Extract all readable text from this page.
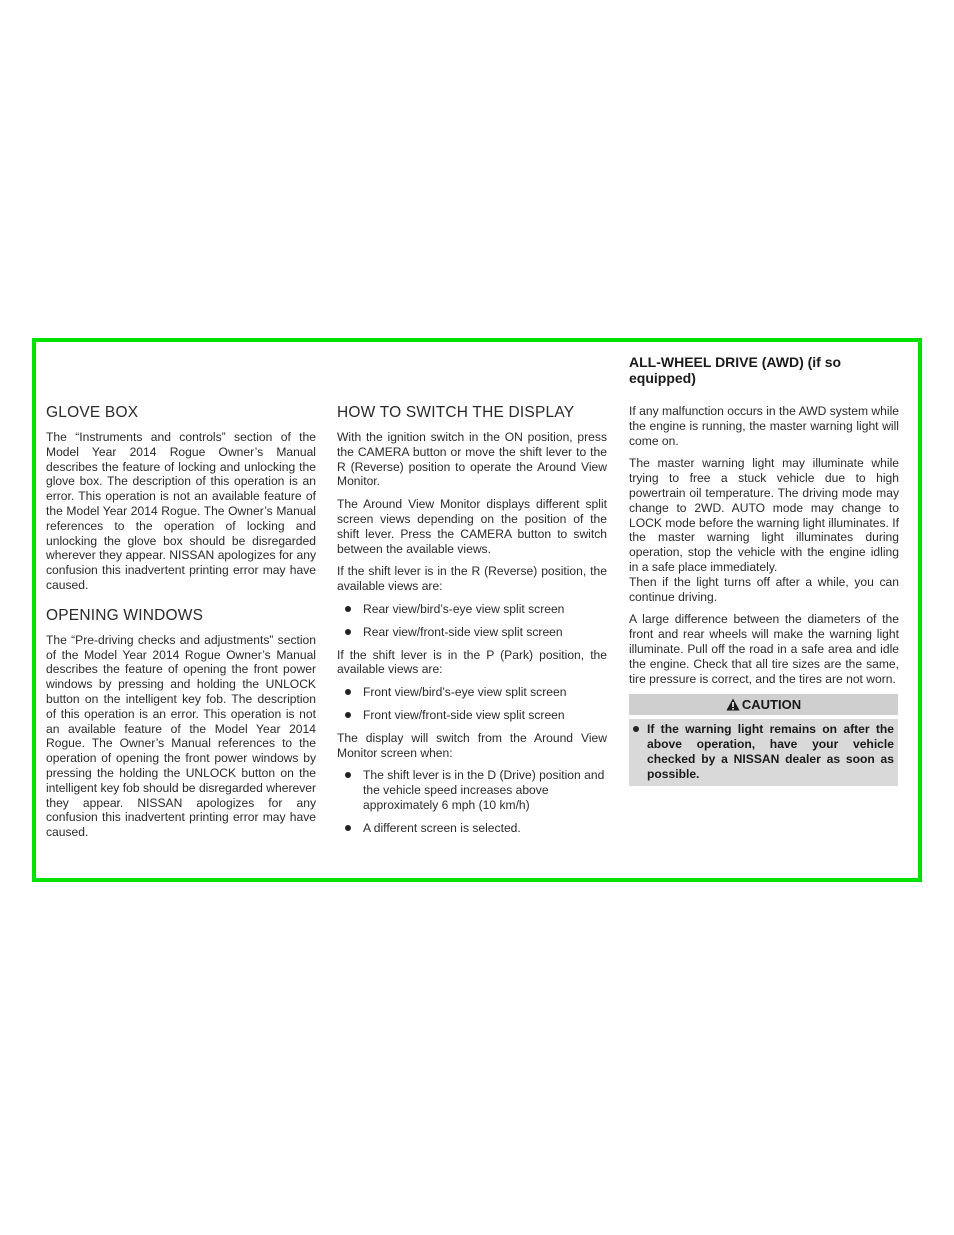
GLOVE BOX

The “Instruments and controls” section of the Model Year 2014 Rogue Owner’s Manual describes the feature of locking and unlocking the glove box. The description of this operation is an error. This operation is not an available feature of the Model Year 2014 Rogue. The Owner’s Manual references to the operation of locking and unlocking the glove box should be disregarded wherever they appear. NISSAN apologizes for any confusion this inadvertent printing error may have caused.

OPENING WINDOWS

The “Pre-driving checks and adjustments” section of the Model Year 2014 Rogue Owner’s Manual describes the feature of opening the front power windows by pressing and holding the UNLOCK button on the intelligent key fob. The description of this operation is an error. This operation is not an available feature of the Model Year 2014 Rogue. The Owner’s Manual references to the operation of opening the front power windows by pressing the holding the UNLOCK button on the intelligent key fob should be disregarded wherever they appear. NISSAN apologizes for any confusion this inadvertent printing error may have caused.

HOW TO SWITCH THE DISPLAY

With the ignition switch in the ON position, press the CAMERA button or move the shift lever to the R (Reverse) position to operate the Around View Monitor.

The Around View Monitor displays different split screen views depending on the position of the shift lever. Press the CAMERA button to switch between the available views.

If the shift lever is in the R (Reverse) position, the available views are:

Rear view/bird’s-eye view split screen
Rear view/front-side view split screen

If the shift lever is in the P (Park) position, the available views are:

Front view/bird’s-eye view split screen
Front view/front-side view split screen

The display will switch from the Around View Monitor screen when:

The shift lever is in the D (Drive) position and the vehicle speed increases above approximately 6 mph (10 km/h)
A different screen is selected.
ALL-WHEEL DRIVE (AWD) (if so equipped)

If any malfunction occurs in the AWD system while the engine is running, the master warning light will come on.

The master warning light may illuminate while trying to free a stuck vehicle due to high powertrain oil temperature. The driving mode may change to 2WD. AUTO mode may change to LOCK mode before the warning light illuminates. If the master warning light illuminates during operation, stop the vehicle with the engine idling in a safe place immediately.

Then if the light turns off after a while, you can continue driving.

A large difference between the diameters of the front and rear wheels will make the warning light illuminate. Pull off the road in a safe area and idle the engine. Check that all tire sizes are the same, tire pressure is correct, and the tires are not worn.

CAUTION
If the warning light remains on after the above operation, have your vehicle checked by a NISSAN dealer as soon as possible.
